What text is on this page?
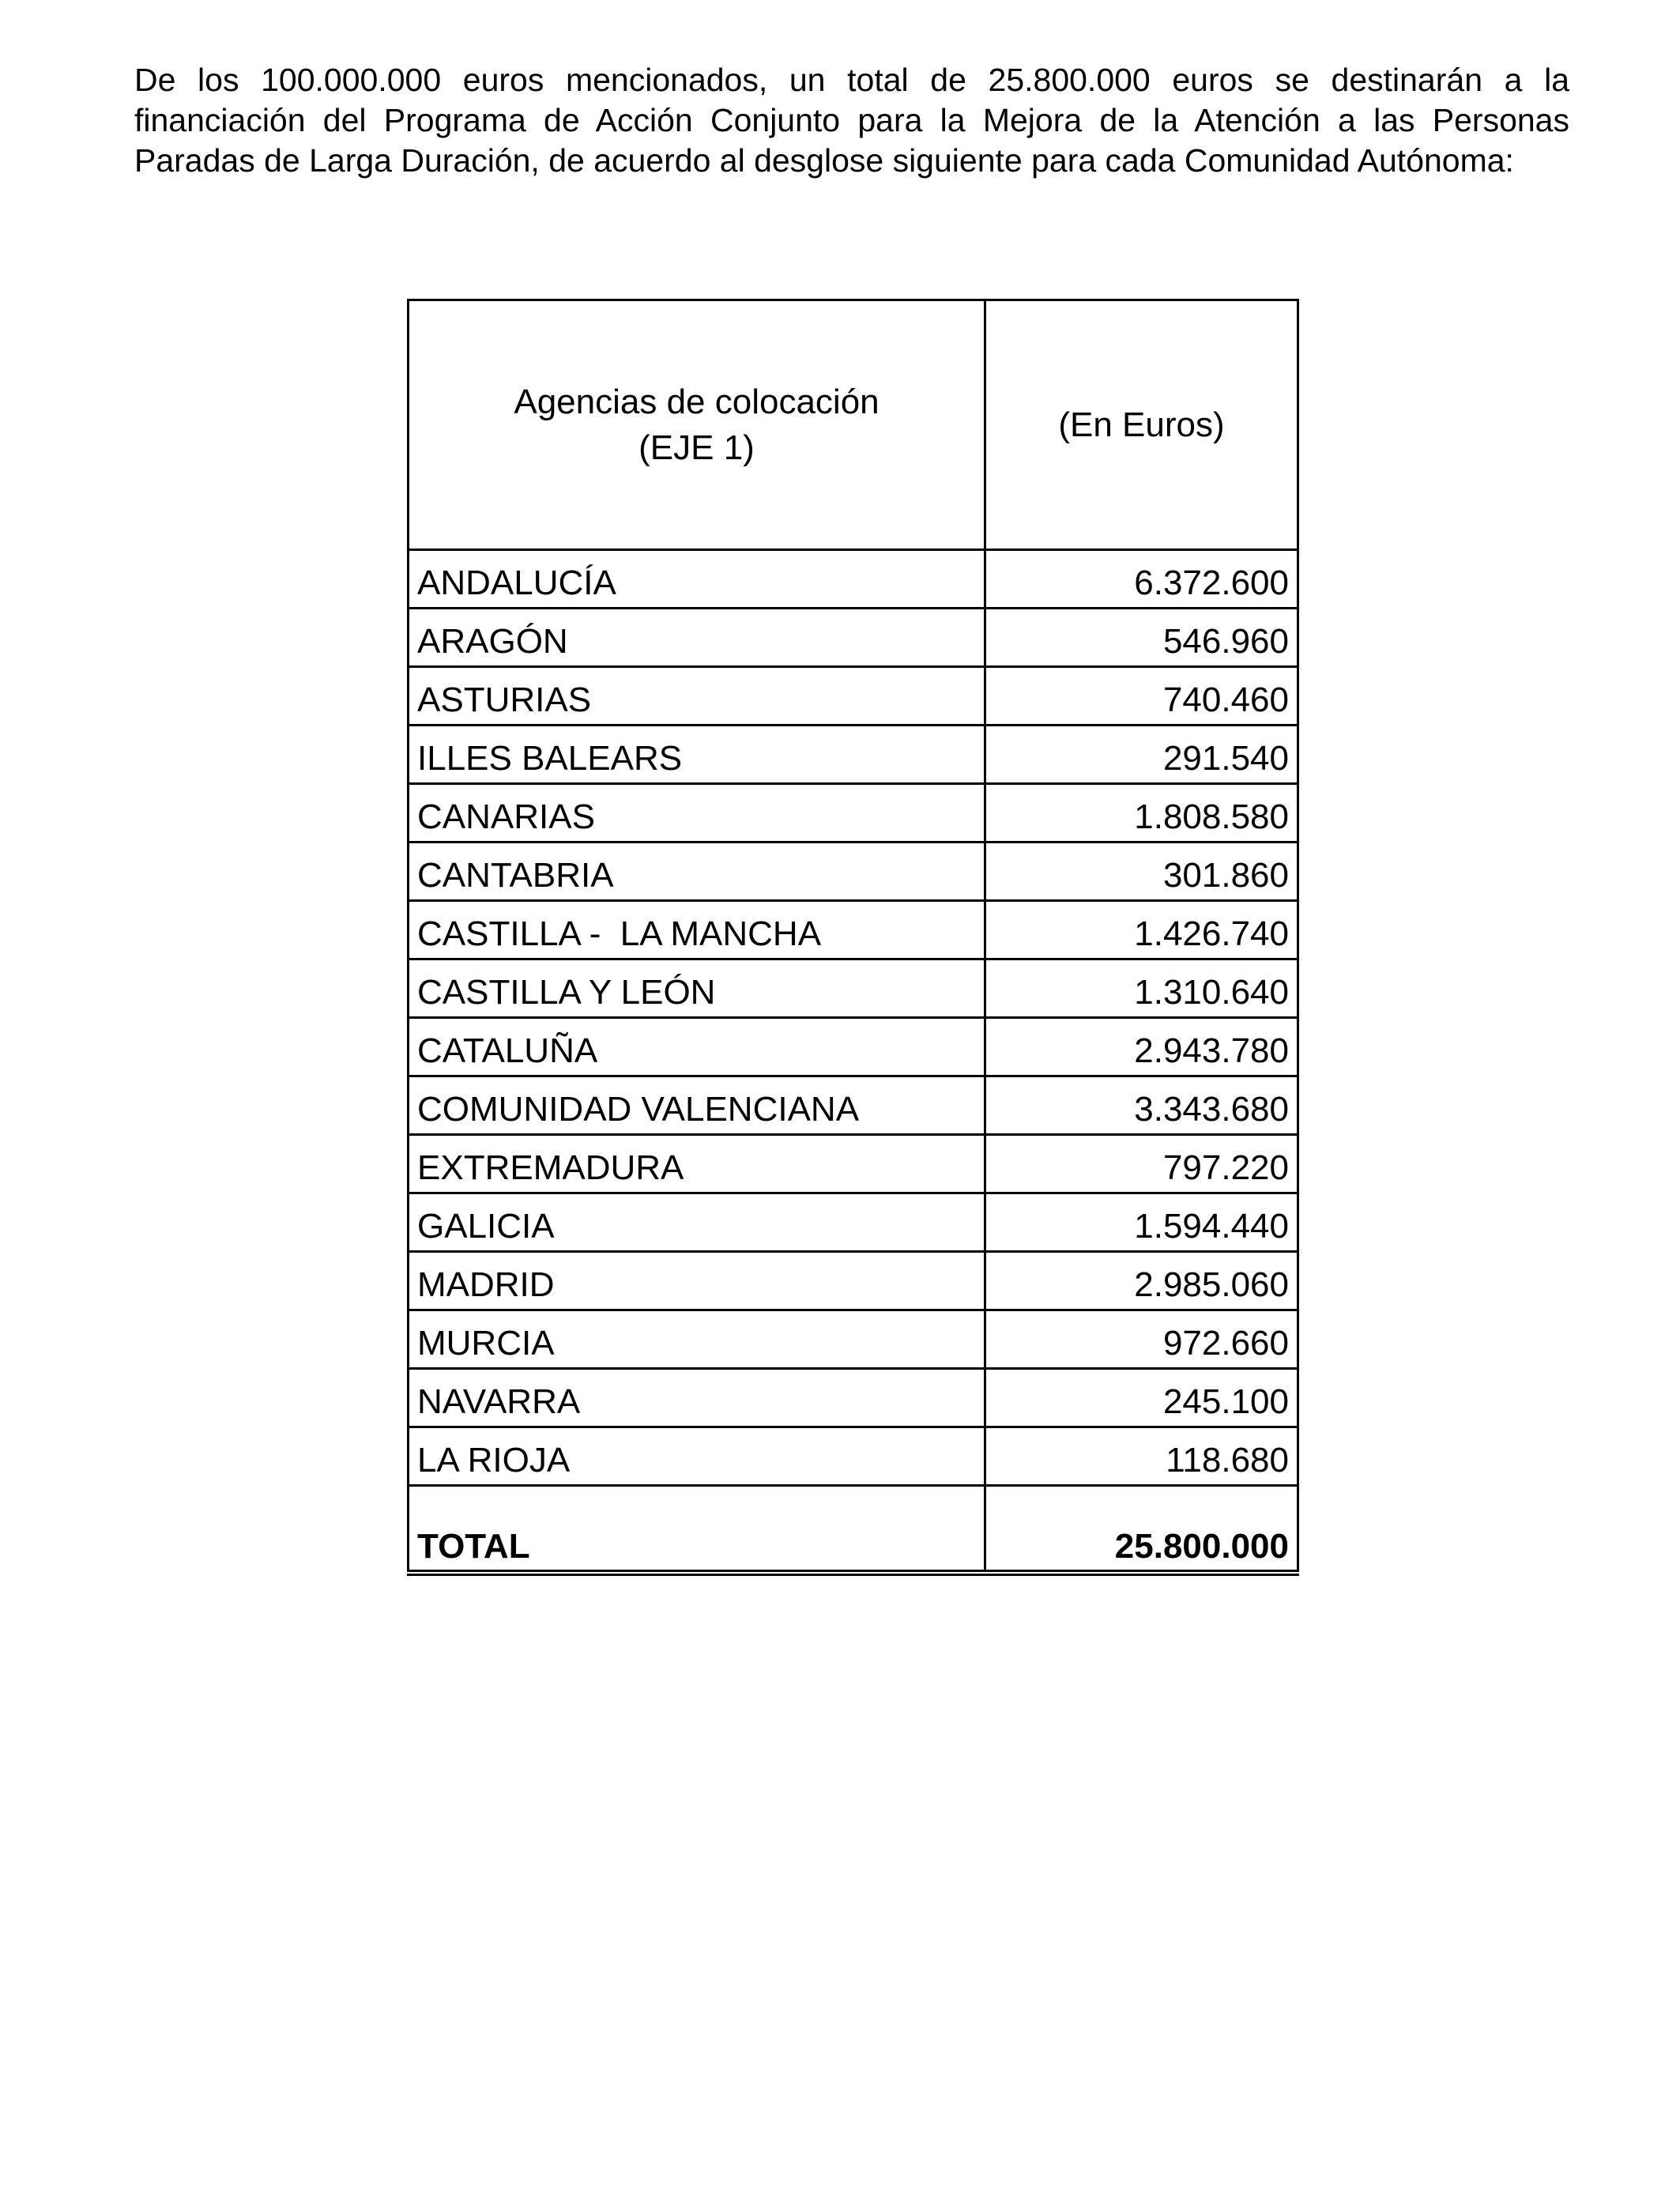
De los 100.000.000 euros mencionados, un total de 25.800.000 euros se destinarán a la financiación del Programa de Acción Conjunto para la Mejora de la Atención a las Personas Paradas de Larga Duración, de acuerdo al desglose siguiente para cada Comunidad Autónoma:

Agencias de colocación
(EJE 1)	(En Euros)
ANDALUCÍA	6.372.600
ARAGÓN	546.960
ASTURIAS	740.460
ILLES BALEARS	291.540
CANARIAS	1.808.580
CANTABRIA	301.860
CASTILLA -  LA MANCHA	1.426.740
CASTILLA Y LEÓN	1.310.640
CATALUÑA	2.943.780
COMUNIDAD VALENCIANA	3.343.680
EXTREMADURA	797.220
GALICIA	1.594.440
MADRID	2.985.060
MURCIA	972.660
NAVARRA	245.100
LA RIOJA	118.680
TOTAL	25.800.000
